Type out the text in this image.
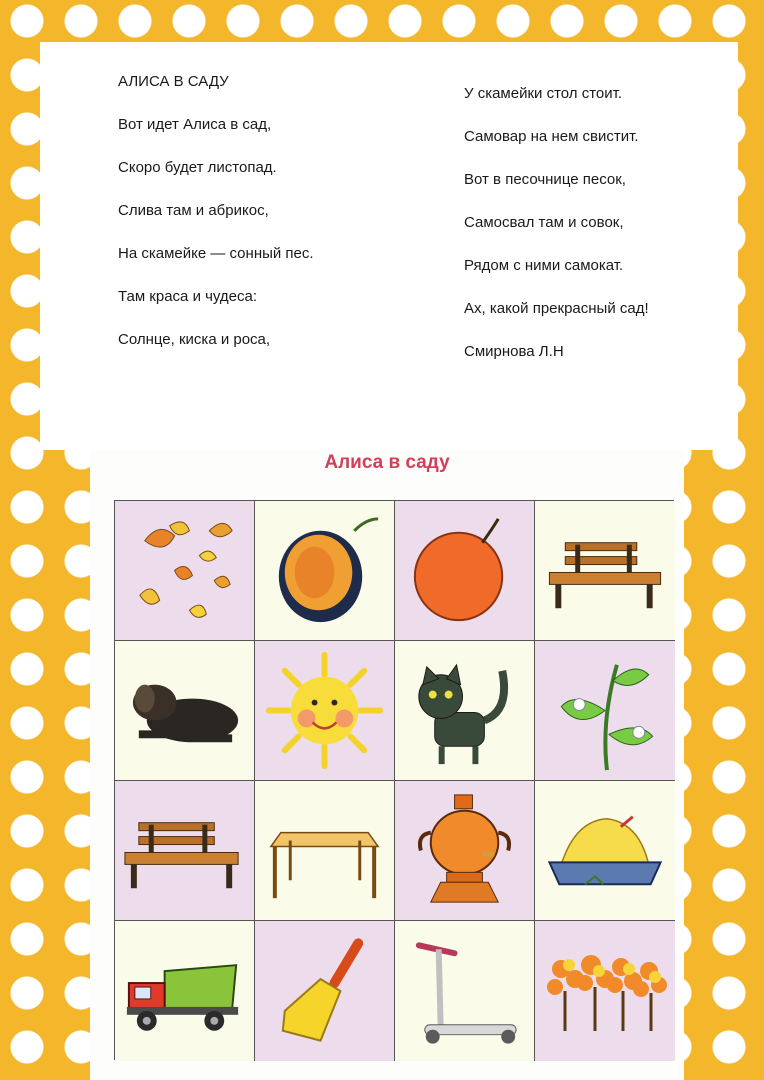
АЛИСА В САДУ
Вот идет Алиса в сад,
Скоро будет листопад.
Слива там и абрикос,
На скамейке — сонный пес.
Там краса и чудеса:
Солнце, киска и роса,
У скамейки стол стоит.
Самовар на нем свистит.
Вот в песочнице песок,
Самосвал там и совок,
Рядом с ними самокат.
Ах, какой прекрасный сад!
Смирнова Л.Н
Алиса в саду
